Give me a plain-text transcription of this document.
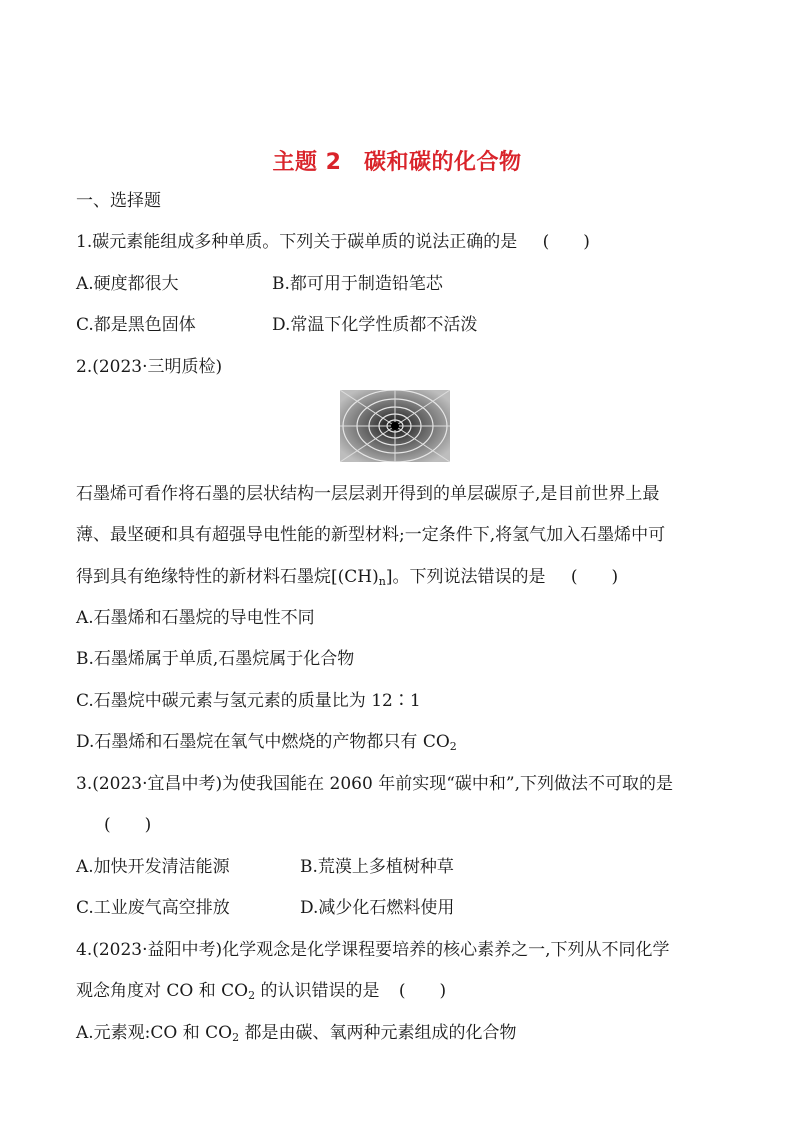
主题 2　碳和碳的化合物
一、选择题
1.碳元素能组成多种单质。下列关于碳单质的说法正确的是 (　　)
A.硬度都很大	B.都可用于制造铅笔芯
C.都是黑色固体	D.常温下化学性质都不活泼
2.(2023·三明质检)
石墨烯可看作将石墨的层状结构一层层剥开得到的单层碳原子,是目前世界上最
薄、最坚硬和具有超强导电性能的新型材料;一定条件下,将氢气加入石墨烯中可
得到具有绝缘特性的新材料石墨烷$[(CH)_n]$。下列说法错误的是 (　　)
A.石墨烯和石墨烷的导电性不同
B.石墨烯属于单质,石墨烷属于化合物
C.石墨烷中碳元素与氢元素的质量比为 12∶1
D.石墨烯和石墨烷在氧气中燃烧的产物都只有 $CO_2$
3.(2023·宜昌中考)为使我国能在 2060 年前实现“碳中和”,下列做法不可取的是
(　　)
A.加快开发清洁能源	B.荒漠上多植树种草
C.工业废气高空排放	D.减少化石燃料使用
4.(2023·益阳中考)化学观念是化学课程要培养的核心素养之一,下列从不同化学
观念角度对 CO 和 $CO_2$ 的认识错误的是 (　　)
A.元素观:CO 和 $CO_2$ 都是由碳、氧两种元素组成的化合物
